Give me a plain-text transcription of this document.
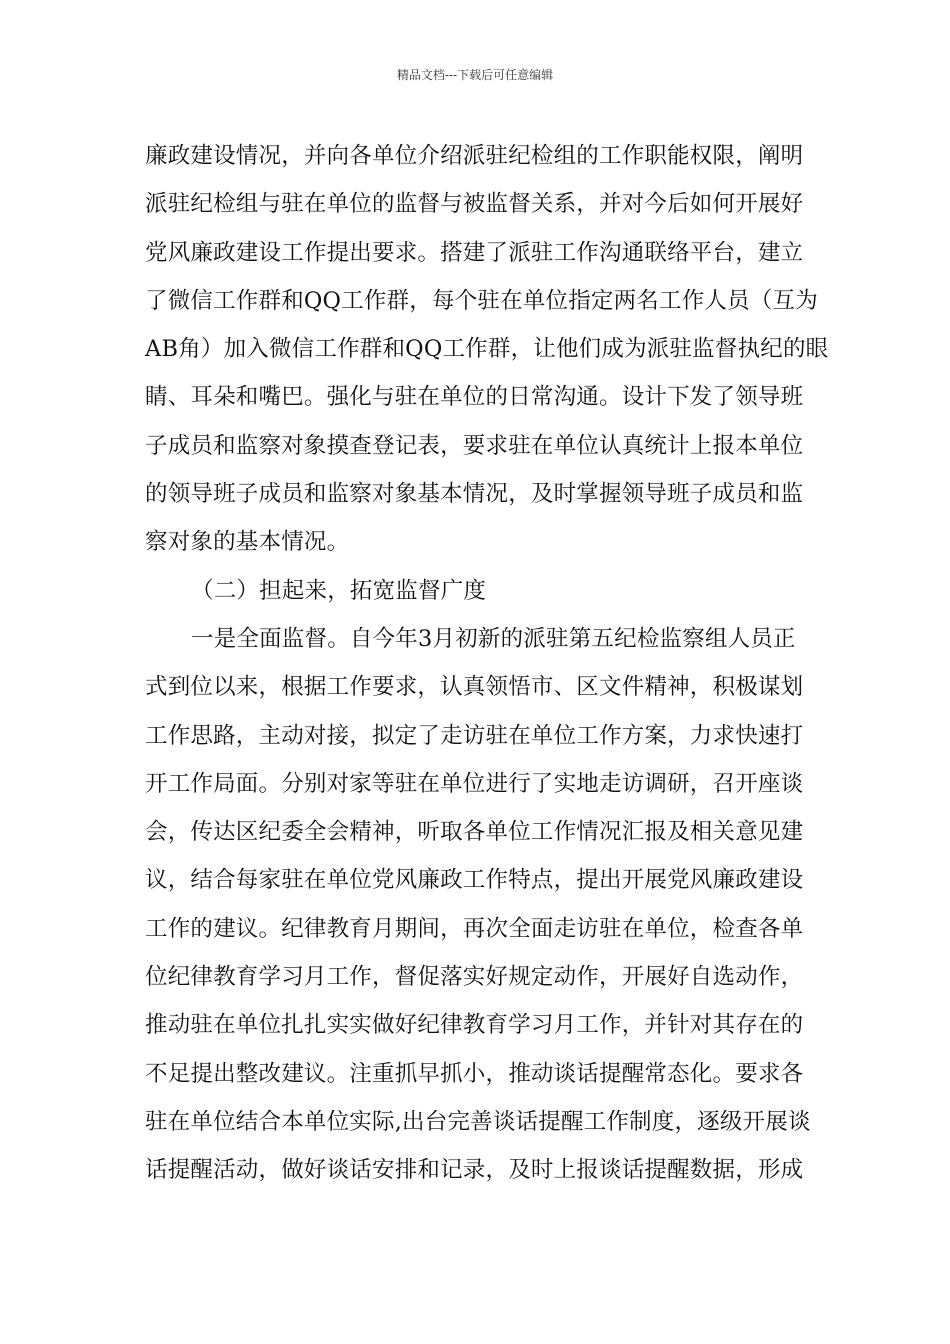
精品文档---下载后可任意编辑
廉政建设情况，并向各单位介绍派驻纪检组的工作职能权限，阐明
派驻纪检组与驻在单位的监督与被监督关系，并对今后如何开展好
党风廉政建设工作提出要求。搭建了派驻工作沟通联络平台，建立
了微信工作群和QQ工作群，每个驻在单位指定两名工作人员（互为
AB角）加入微信工作群和QQ工作群，让他们成为派驻监督执纪的眼
睛、耳朵和嘴巴。强化与驻在单位的日常沟通。设计下发了领导班
子成员和监察对象摸查登记表，要求驻在单位认真统计上报本单位
的领导班子成员和监察对象基本情况，及时掌握领导班子成员和监
察对象的基本情况。
（二）担起来，拓宽监督广度
一是全面监督。自今年3月初新的派驻第五纪检监察组人员正
式到位以来，根据工作要求，认真领悟市、区文件精神，积极谋划
工作思路，主动对接，拟定了走访驻在单位工作方案，力求快速打
开工作局面。分别对家等驻在单位进行了实地走访调研，召开座谈
会，传达区纪委全会精神，听取各单位工作情况汇报及相关意见建
议，结合每家驻在单位党风廉政工作特点，提出开展党风廉政建设
工作的建议。纪律教育月期间，再次全面走访驻在单位，检查各单
位纪律教育学习月工作，督促落实好规定动作，开展好自选动作，
推动驻在单位扎扎实实做好纪律教育学习月工作，并针对其存在的
不足提出整改建议。注重抓早抓小，推动谈话提醒常态化。要求各
驻在单位结合本单位实际,出台完善谈话提醒工作制度，逐级开展谈
话提醒活动，做好谈话安排和记录，及时上报谈话提醒数据，形成
